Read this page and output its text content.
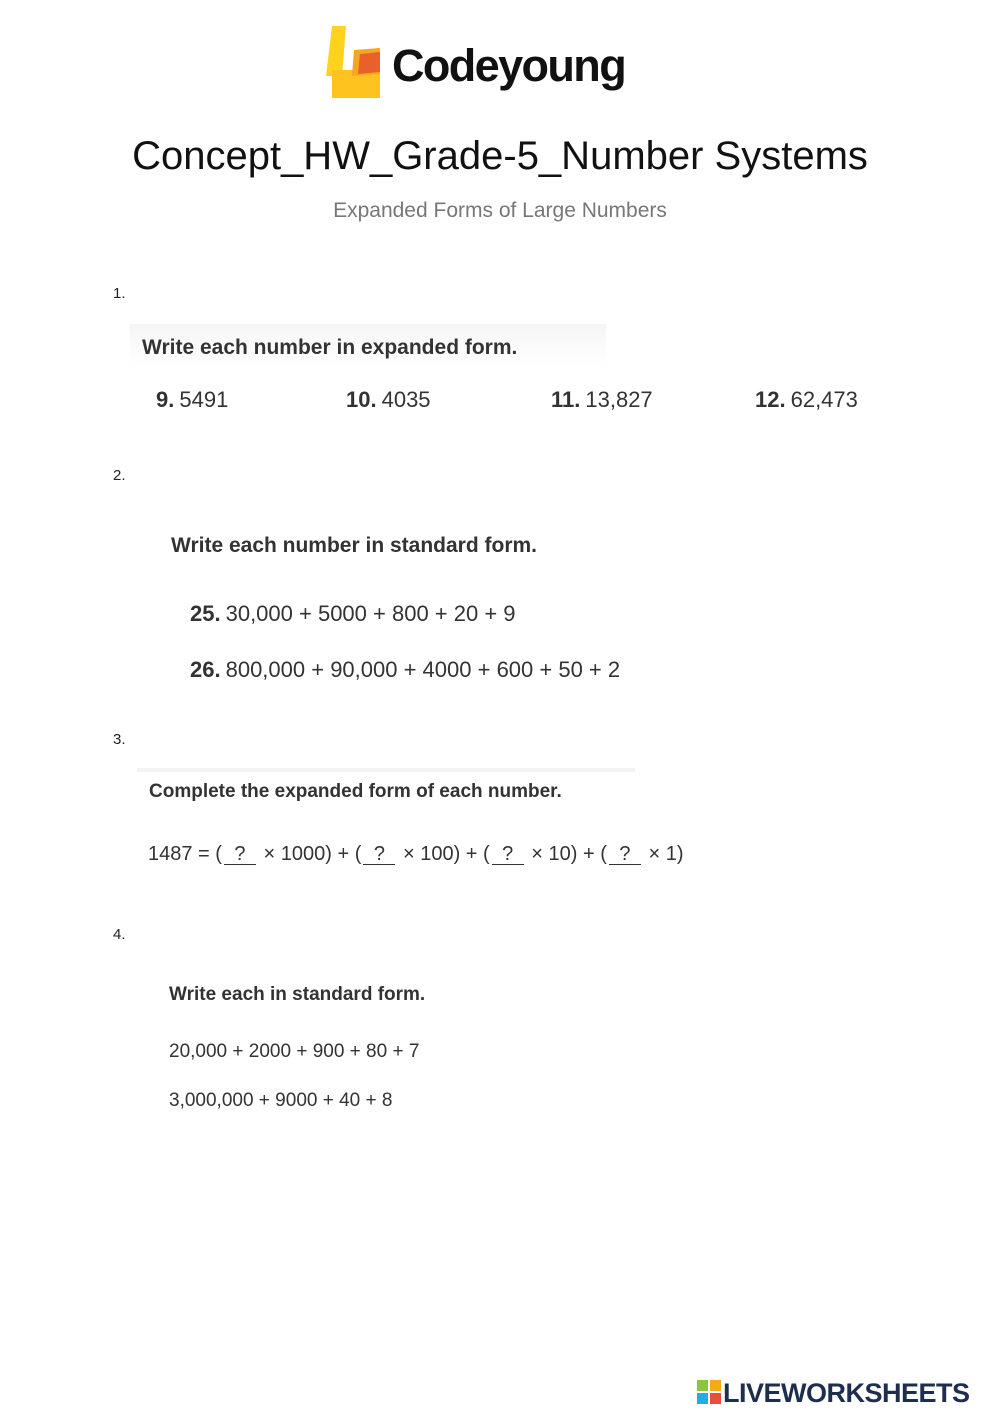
Codeyoung
Concept_HW_Grade-5_Number Systems
Expanded Forms of Large Numbers
1.
Write each number in expanded form.
9. 5491	10. 4035	11. 13,827	12. 62,473
2.
Write each number in standard form.
25. 30,000 + 5000 + 800 + 20 + 9
26. 800,000 + 90,000 + 4000 + 600 + 50 + 2
3.
Complete the expanded form of each number.
1487 = ( ? × 1000) + ( ? × 100) + ( ? × 10) + ( ? × 1)
4.
Write each in standard form.
20,000 + 2000 + 900 + 80 + 7
3,000,000 + 9000 + 40 + 8
LIVEWORKSHEETS
